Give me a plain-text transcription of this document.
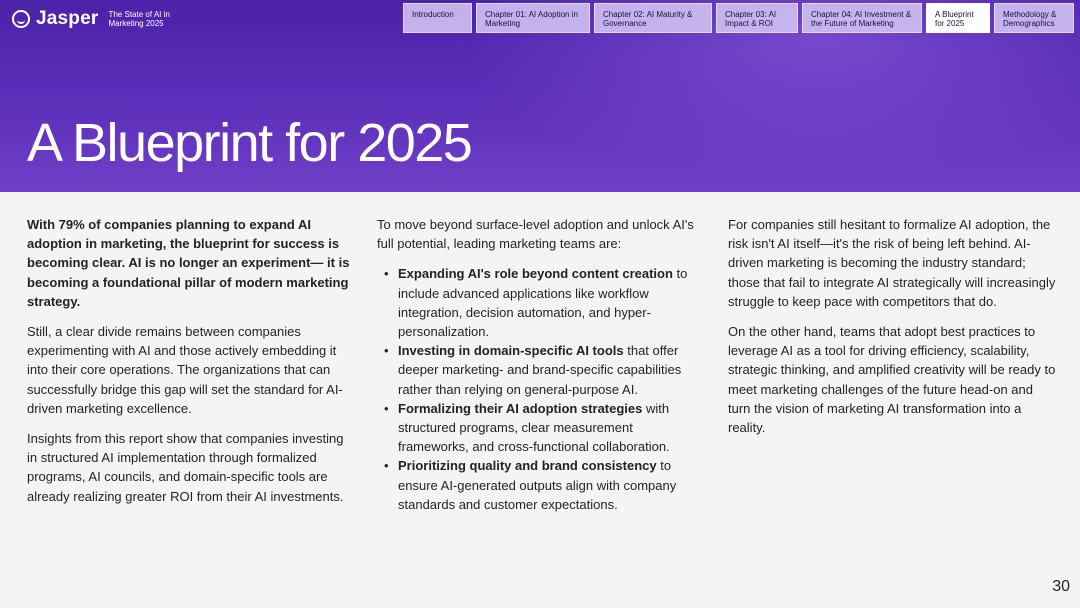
Jasper The State of AI in Marketing 2025
Introduction	Chapter 01: AI Adoption in Marketing
Chapter 02: AI Maturity & Governance
Chapter 03: AI Impact & ROI
Chapter 04: AI Investment & the Future of Marketing
A Blueprint for 2025
Methodology & Demographics
A Blueprint for 2025

With 79% of companies planning to expand AI adoption in marketing, the blueprint for success is becoming clear. AI is no longer an experiment— it is becoming a foundational pillar of modern marketing strategy.

Still, a clear divide remains between companies experimenting with AI and those actively embedding it into their core operations. The organizations that can successfully bridge this gap will set the standard for AI-driven marketing excellence.

Insights from this report show that companies investing in structured AI implementation through formalized programs, AI councils, and domain-specific tools are already realizing greater ROI from their AI investments.

To move beyond surface-level adoption and unlock AI's full potential, leading marketing teams are:

• Expanding AI's role beyond content creation to include advanced applications like workflow integration, decision automation, and hyper-personalization.
• Investing in domain-specific AI tools that offer deeper marketing- and brand-specific capabilities rather than relying on general-purpose AI.
• Formalizing their AI adoption strategies with structured programs, clear measurement frameworks, and cross-functional collaboration.
• Prioritizing quality and brand consistency to ensure AI-generated outputs align with company standards and customer expectations.

For companies still hesitant to formalize AI adoption, the risk isn't AI itself—it's the risk of being left behind. AI-driven marketing is becoming the industry standard; those that fail to integrate AI strategically will increasingly struggle to keep pace with competitors that do.

On the other hand, teams that adopt best practices to leverage AI as a tool for driving efficiency, scalability, strategic thinking, and amplified creativity will be ready to meet marketing challenges of the future head-on and turn the vision of marketing AI transformation into a reality.

30
